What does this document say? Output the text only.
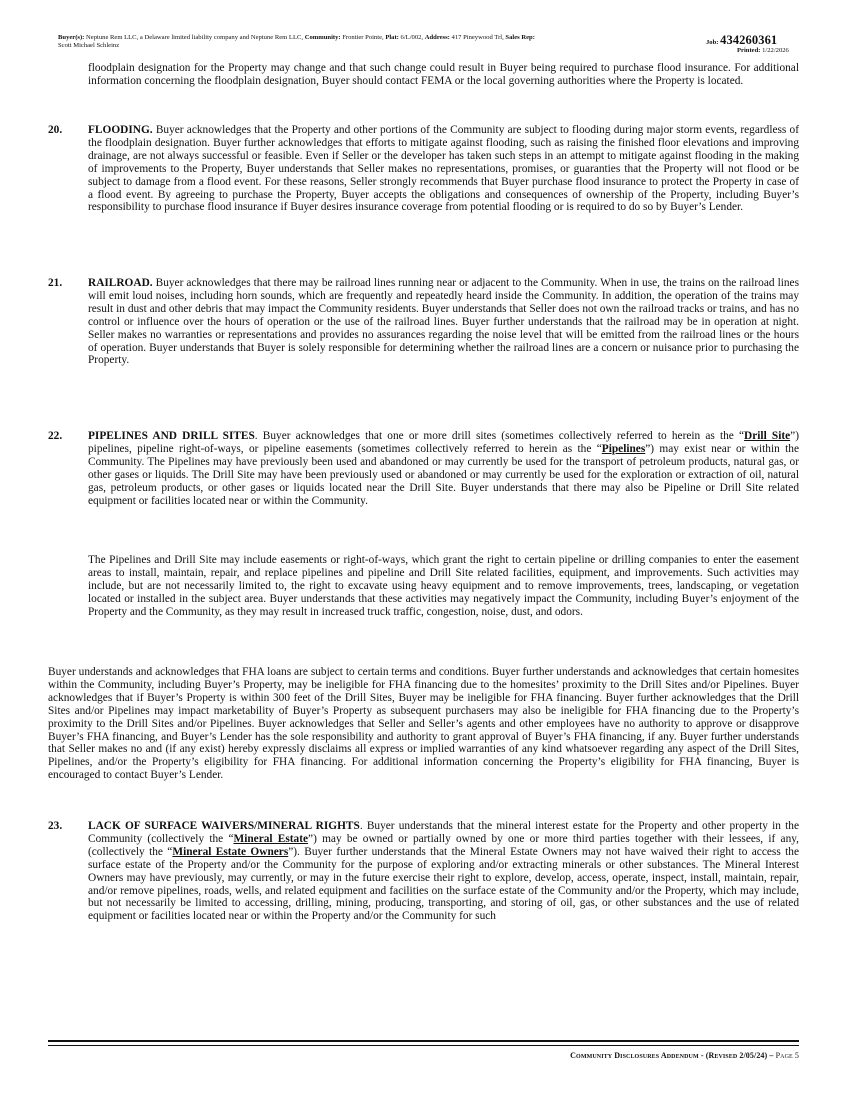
Buyer(s): Neptune Rem LLC, a Delaware limited liability company and Neptune Rem LLC, Community: Frontier Pointe, Plat: 6/L/002, Address: 417 Pineywood Trl, Sales Rep:
Scott Michael Schleinz	Job: 434260361
Printed: 1/22/2026
floodplain designation for the Property may change and that such change could result in Buyer being required to purchase flood insurance. For additional information concerning the floodplain designation, Buyer should contact FEMA or the local governing authorities where the Property is located.
20. FLOODING. Buyer acknowledges that the Property and other portions of the Community are subject to flooding during major storm events, regardless of the floodplain designation. Buyer further acknowledges that efforts to mitigate against flooding, such as raising the finished floor elevations and improving drainage, are not always successful or feasible. Even if Seller or the developer has taken such steps in an attempt to mitigate against flooding in the making of improvements to the Property, Buyer understands that Seller makes no representations, promises, or guaranties that the Property will not flood or be subject to damage from a flood event. For these reasons, Seller strongly recommends that Buyer purchase flood insurance to protect the Property in case of a flood event. By agreeing to purchase the Property, Buyer accepts the obligations and consequences of ownership of the Property, including Buyer’s responsibility to purchase flood insurance if Buyer desires insurance coverage from potential flooding or is required to do so by Buyer’s Lender.
21. RAILROAD. Buyer acknowledges that there may be railroad lines running near or adjacent to the Community. When in use, the trains on the railroad lines will emit loud noises, including horn sounds, which are frequently and repeatedly heard inside the Community. In addition, the operation of the trains may result in dust and other debris that may impact the Community residents. Buyer understands that Seller does not own the railroad tracks or trains, and has no control or influence over the hours of operation or the use of the railroad lines. Buyer further understands that the railroad may be in operation at night. Seller makes no warranties or representations and provides no assurances regarding the noise level that will be emitted from the railroad lines or the hours of operation. Buyer understands that Buyer is solely responsible for determining whether the railroad lines are a concern or nuisance prior to purchasing the Property.
22. PIPELINES AND DRILL SITES. Buyer acknowledges that one or more drill sites (sometimes collectively referred to herein as the “Drill Site”) pipelines, pipeline right-of-ways, or pipeline easements (sometimes collectively referred to herein as the “Pipelines”) may exist near or within the Community. The Pipelines may have previously been used and abandoned or may currently be used for the transport of petroleum products, natural gas, or other gases or liquids. The Drill Site may have been previously used or abandoned or may currently be used for the exploration or extraction of oil, natural gas, petroleum products, or other gases or liquids located near the Drill Site. Buyer understands that there may also be Pipeline or Drill Site related equipment or facilities located near or within the Community.
The Pipelines and Drill Site may include easements or right-of-ways, which grant the right to certain pipeline or drilling companies to enter the easement areas to install, maintain, repair, and replace pipelines and pipeline and Drill Site related facilities, equipment, and improvements. Such activities may include, but are not necessarily limited to, the right to excavate using heavy equipment and to remove improvements, trees, landscaping, or vegetation located or installed in the subject area. Buyer understands that these activities may negatively impact the Community, including Buyer’s enjoyment of the Property and the Community, as they may result in increased truck traffic, congestion, noise, dust, and odors.
Buyer understands and acknowledges that FHA loans are subject to certain terms and conditions. Buyer further understands and acknowledges that certain homesites within the Community, including Buyer’s Property, may be ineligible for FHA financing due to the homesites’ proximity to the Drill Sites and/or Pipelines. Buyer acknowledges that if Buyer’s Property is within 300 feet of the Drill Sites, Buyer may be ineligible for FHA financing. Buyer further acknowledges that the Drill Sites and/or Pipelines may impact marketability of Buyer’s Property as subsequent purchasers may also be ineligible for FHA financing due to the Property’s proximity to the Drill Sites and/or Pipelines. Buyer acknowledges that Seller and Seller’s agents and other employees have no authority to approve or disapprove Buyer’s FHA financing, and Buyer’s Lender has the sole responsibility and authority to grant approval of Buyer’s FHA financing, if any. Buyer further understands that Seller makes no and (if any exist) hereby expressly disclaims all express or implied warranties of any kind whatsoever regarding any aspect of the Drill Sites, Pipelines, and/or the Property’s eligibility for FHA financing. For additional information concerning the Property’s eligibility for FHA financing, Buyer is encouraged to contact Buyer’s Lender.
23. LACK OF SURFACE WAIVERS/MINERAL RIGHTS. Buyer understands that the mineral interest estate for the Property and other property in the Community (collectively the “Mineral Estate”) may be owned or partially owned by one or more third parties together with their lessees, if any, (collectively the “Mineral Estate Owners”). Buyer further understands that the Mineral Estate Owners may not have waived their right to access the surface estate of the Property and/or the Community for the purpose of exploring and/or extracting minerals or other substances. The Mineral Interest Owners may have previously, may currently, or may in the future exercise their right to explore, develop, access, operate, inspect, install, maintain, repair, and/or remove pipelines, roads, wells, and related equipment and facilities on the surface estate of the Community and/or the Property, which may include, but not necessarily be limited to accessing, drilling, mining, producing, transporting, and storing of oil, gas, or other substances and the use of related equipment or facilities located near or within the Property and/or the Community for such
Community Disclosures Addendum - (Revised 2/05/24) – Page 5
